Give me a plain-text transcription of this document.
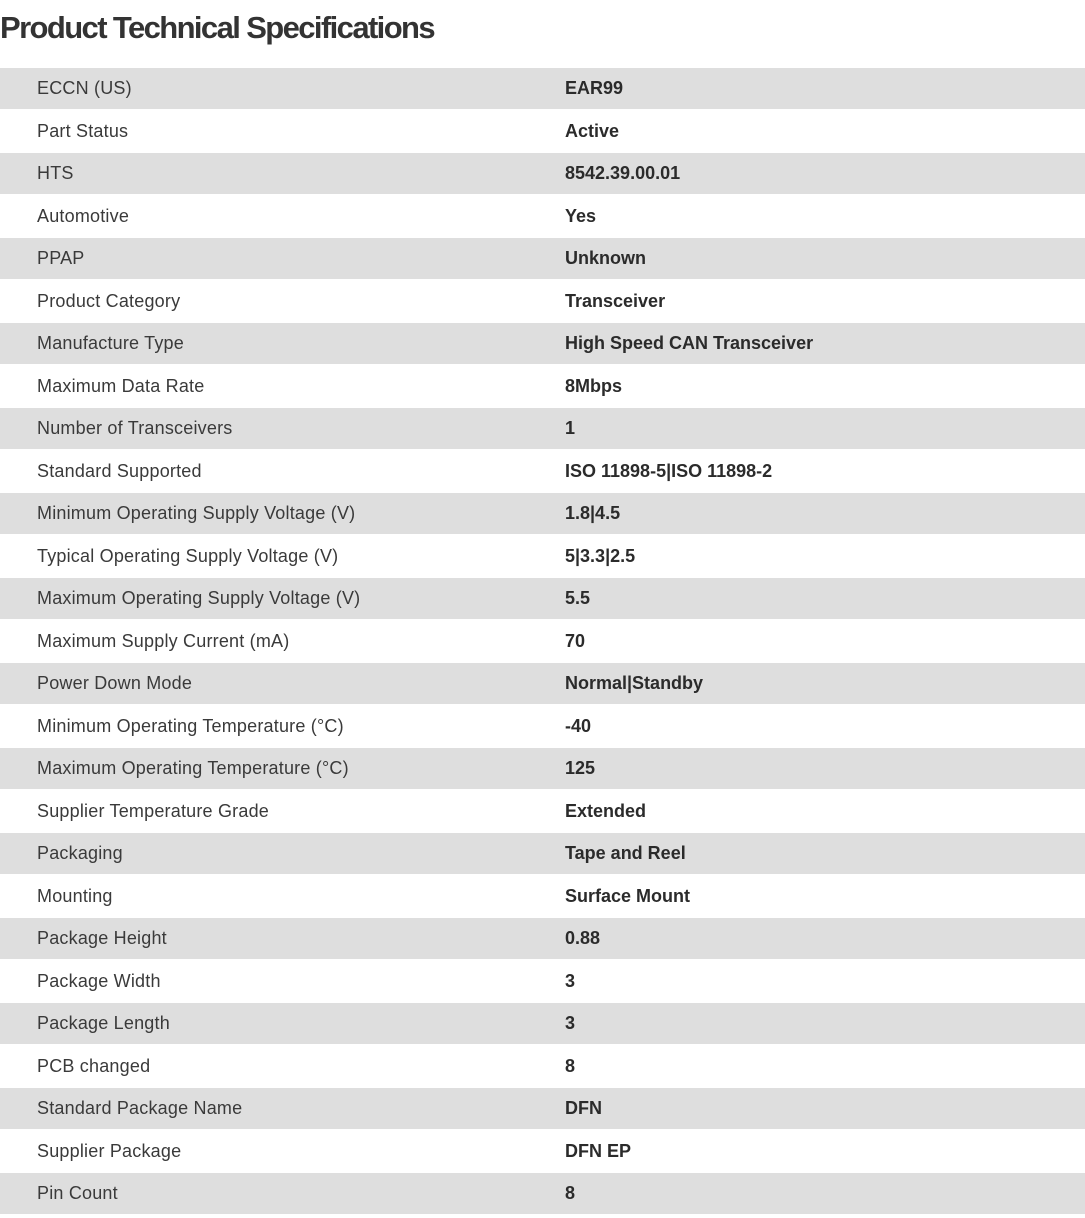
Product Technical Specifications
ECCN (US)	EAR99
Part Status	Active
HTS	8542.39.00.01
Automotive	Yes
PPAP	Unknown
Product Category	Transceiver
Manufacture Type	High Speed CAN Transceiver
Maximum Data Rate	8Mbps
Number of Transceivers	1
Standard Supported	ISO 11898-5|ISO 11898-2
Minimum Operating Supply Voltage (V)	1.8|4.5
Typical Operating Supply Voltage (V)	5|3.3|2.5
Maximum Operating Supply Voltage (V)	5.5
Maximum Supply Current (mA)	70
Power Down Mode	Normal|Standby
Minimum Operating Temperature (°C)	-40
Maximum Operating Temperature (°C)	125
Supplier Temperature Grade	Extended
Packaging	Tape and Reel
Mounting	Surface Mount
Package Height	0.88
Package Width	3
Package Length	3
PCB changed	8
Standard Package Name	DFN
Supplier Package	DFN EP
Pin Count	8
